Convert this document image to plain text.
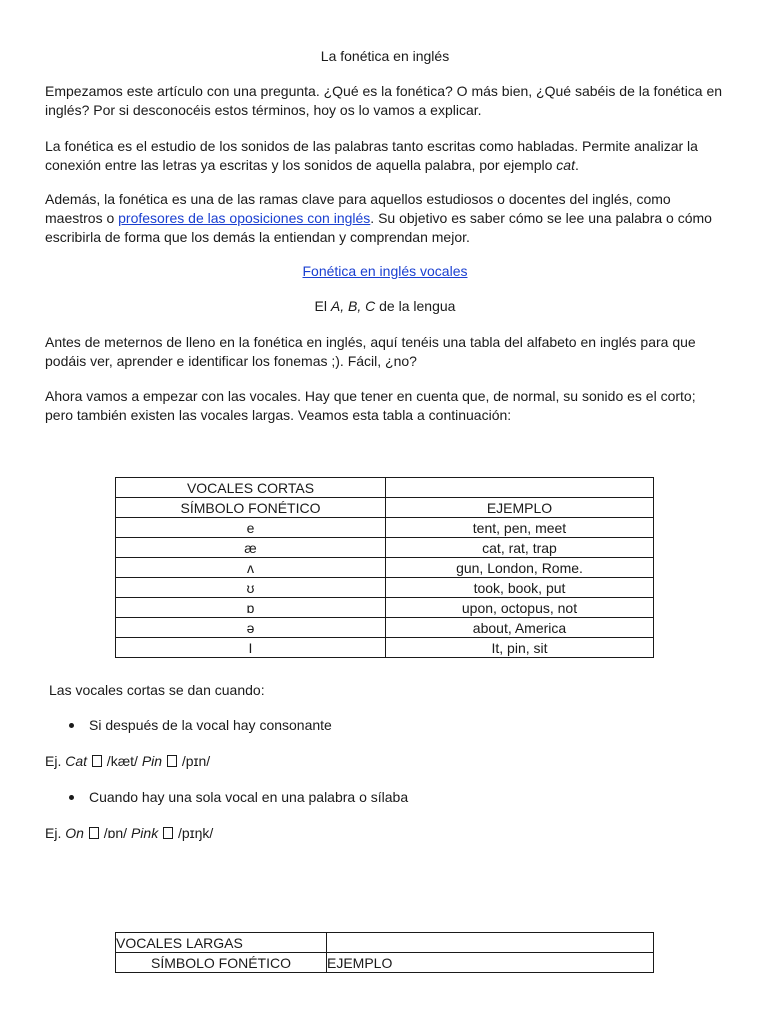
La fonética en inglés

Empezamos este artículo con una pregunta. ¿Qué es la fonética? O más bien, ¿Qué sabéis de la fonética en inglés? Por si desconocéis estos términos, hoy os lo vamos a explicar.

La fonética es el estudio de los sonidos de las palabras tanto escritas como habladas. Permite analizar la conexión entre las letras ya escritas y los sonidos de aquella palabra, por ejemplo cat.

Además, la fonética es una de las ramas clave para aquellos estudiosos o docentes del inglés, como maestros o profesores de las oposiciones con inglés. Su objetivo es saber cómo se lee una palabra o cómo escribirla de forma que los demás la entiendan y comprendan mejor.

Fonética en inglés vocales

El A, B, C de la lengua

Antes de meternos de lleno en la fonética en inglés, aquí tenéis una tabla del alfabeto en inglés para que podáis ver, aprender e identificar los fonemas ;). Fácil, ¿no?

Ahora vamos a empezar con las vocales. Hay que tener en cuenta que, de normal, su sonido es el corto; pero también existen las vocales largas. Veamos esta tabla a continuación:

VOCALES CORTAS	
SÍMBOLO FONÉTICO	EJEMPLO
e	tent, pen, meet
æ	cat, rat, trap
ʌ	gun, London, Rome.
ʊ	took, book, put
ɒ	upon, octopus, not
ə	about, America
I	It, pin, sit

Las vocales cortas se dan cuando:

Si después de la vocal hay consonante

Ej. Cat  /kæt/ Pin  /pɪn/

Cuando hay una sola vocal en una palabra o sílaba

Ej. On  /ɒn/ Pink  /pɪŋk/

VOCALES LARGAS	
SÍMBOLO FONÉTICO	EJEMPLO
